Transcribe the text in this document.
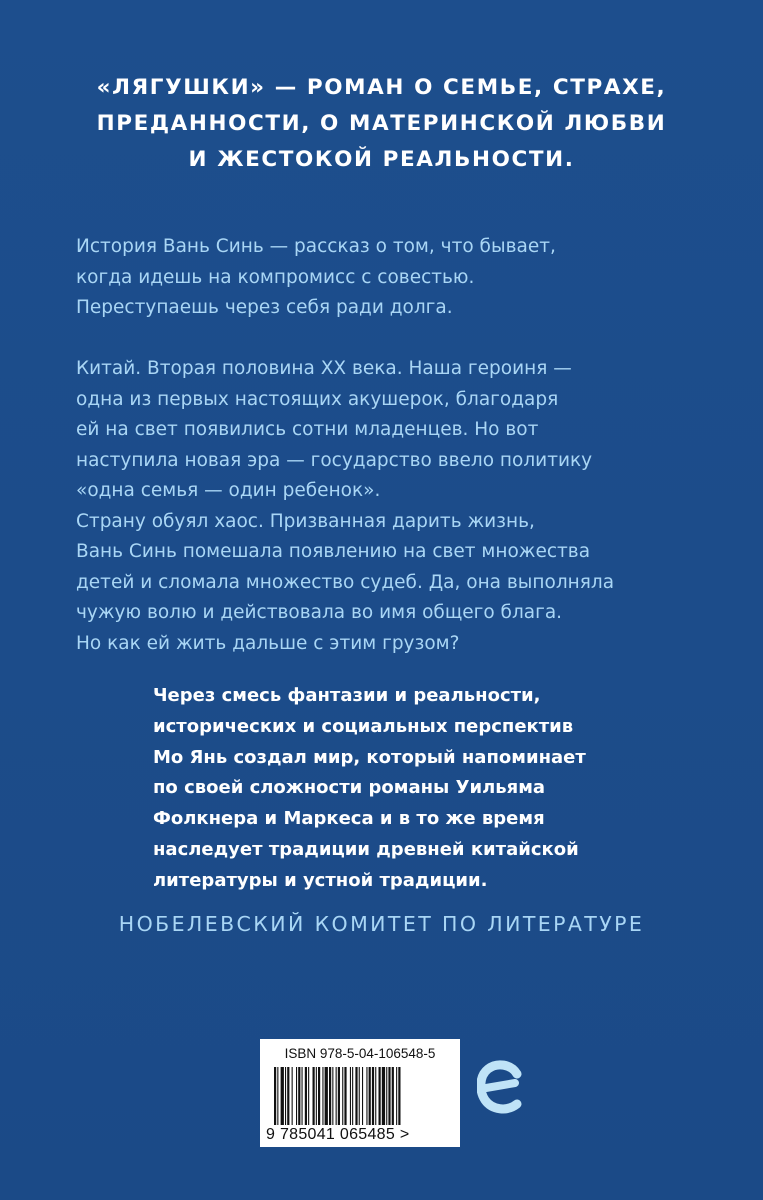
«ЛЯГУШКИ» — РОМАН О СЕМЬЕ, СТРАХЕ,
ПРЕДАННОСТИ, О МАТЕРИНСКОЙ ЛЮБВИ
И ЖЕСТОКОЙ РЕАЛЬНОСТИ.
История Вань Синь — рассказ о том, что бывает,
когда идешь на компромисс с совестью.
Переступаешь через себя ради долга.
Китай. Вторая половина XX века. Наша героиня —
одна из первых настоящих акушерок, благодаря
ей на свет появились сотни младенцев. Но вот
наступила новая эра — государство ввело политику
«одна семья — один ребенок».
Страну обуял хаос. Призванная дарить жизнь,
Вань Синь помешала появлению на свет множества
детей и сломала множество судеб. Да, она выполняла
чужую волю и действовала во имя общего блага.
Но как ей жить дальше с этим грузом?
Через смесь фантазии и реальности,
исторических и социальных перспектив
Мо Янь создал мир, который напоминает
по своей сложности романы Уильяма
Фолкнера и Маркеса и в то же время
наследует традиции древней китайской
литературы и устной традиции.
НОБЕЛЕВСКИЙ КОМИТЕТ ПО ЛИТЕРАТУРЕ
ISBN 978-5-04-106548-5
9 785041 065485 >
